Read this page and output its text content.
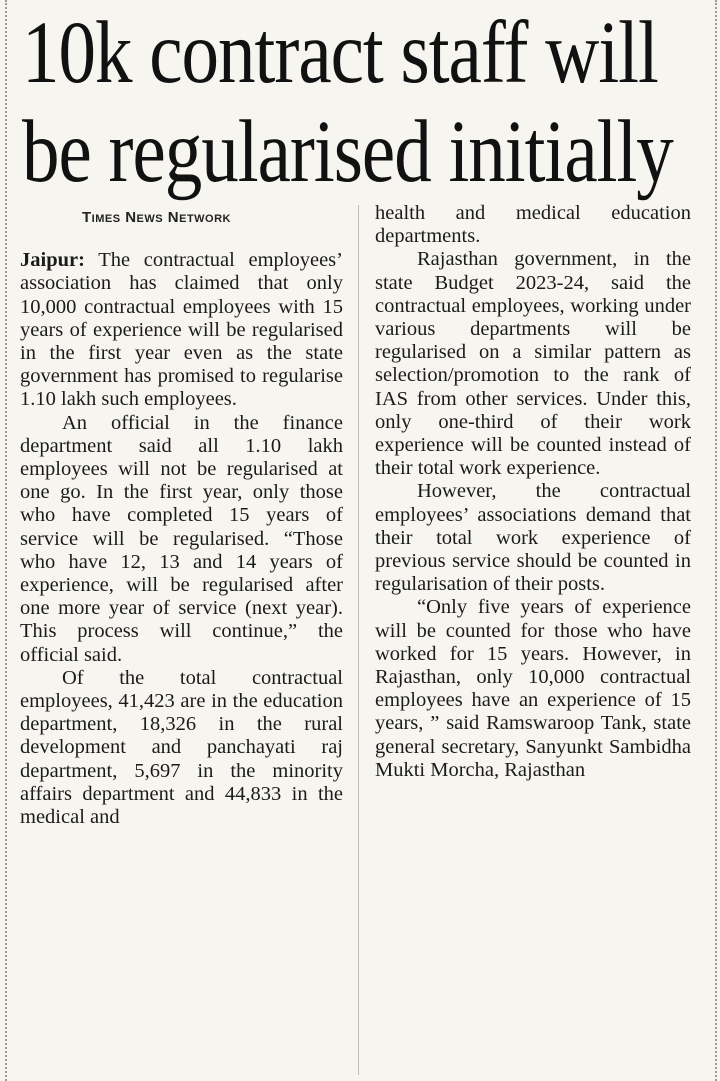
10k contract staff will
be regularised initially
Times News Network

Jaipur: The contractual employees’ association has claimed that only 10,000 contractual employees with 15 years of experience will be regularised in the first year even as the state government has promised to regularise 1.10 lakh such employees.

An official in the finance department said all 1.10 lakh employees will not be regularised at one go. In the first year, only those who have completed 15 years of service will be regularised. “Those who have 12, 13 and 14 years of experience, will be regularised after one more year of service (next year). This process will continue,” the official said.

Of the total contractual employees, 41,423 are in the education department, 18,326 in the rural development and panchayati raj department, 5,697 in the minority affairs department and 44,833 in the medical and

health and medical education departments.

Rajasthan government, in the state Budget 2023-24, said the contractual employees, working under various departments will be regularised on a similar pattern as selection/promotion to the rank of IAS from other services. Under this, only one-third of their work experience will be counted instead of their total work experience.

However, the contractual employees’ associations demand that their total work experience of previous service should be counted in regularisation of their posts.

“Only five years of experience will be counted for those who have worked for 15 years. However, in Rajasthan, only 10,000 contractual employees have an experience of 15 years, ” said Ramswaroop Tank, state general secretary, Sanyunkt Sambidha Mukti Morcha, Rajasthan
